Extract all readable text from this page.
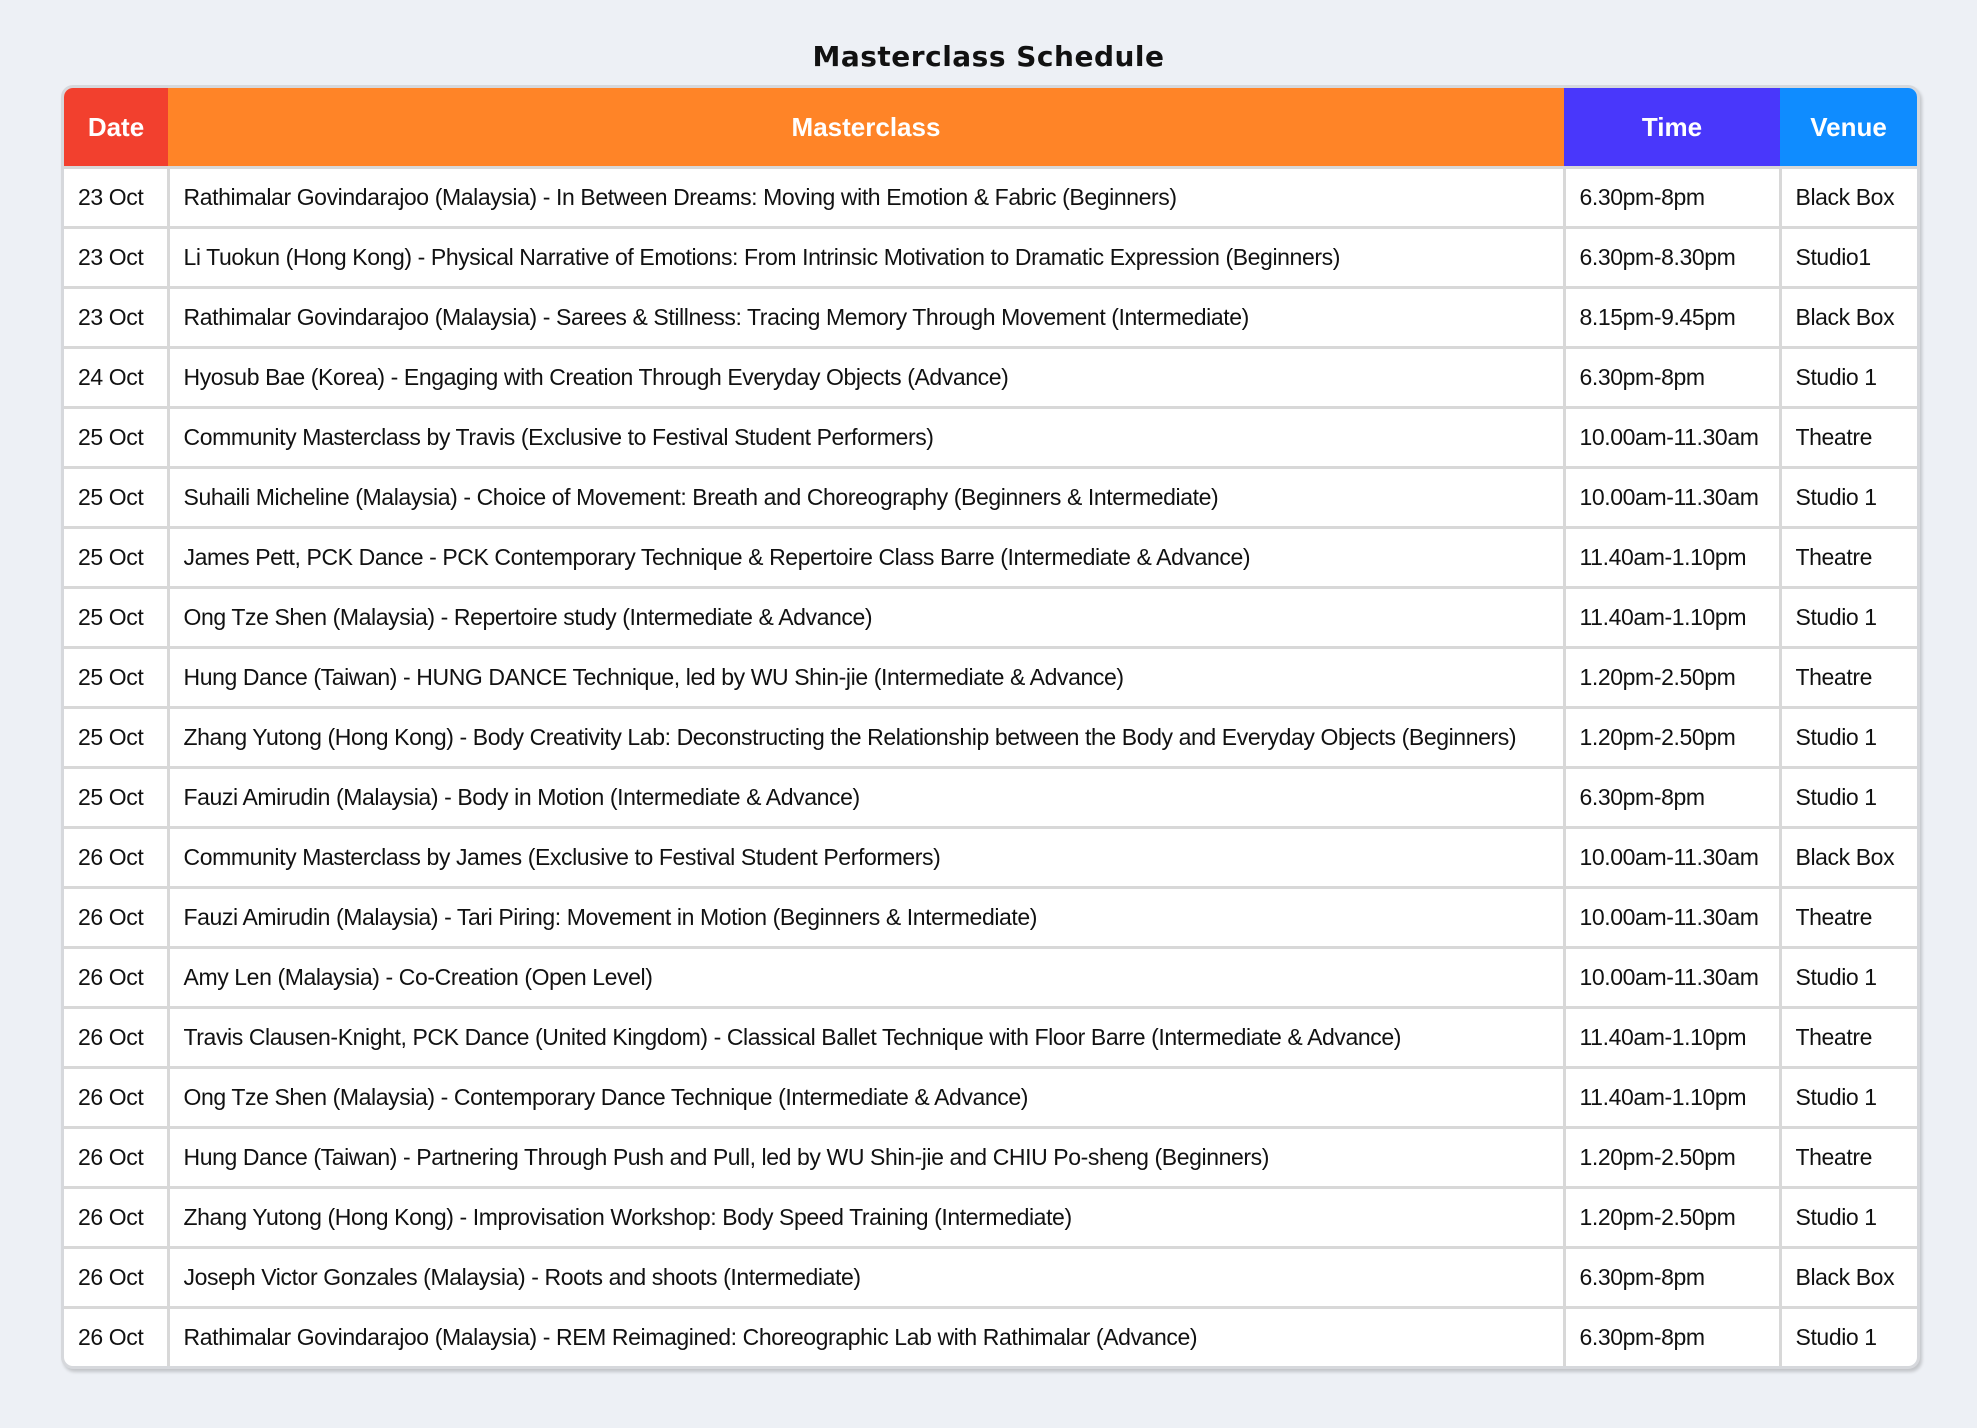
Masterclass Schedule
Date	Masterclass	Time	Venue
23 Oct	Rathimalar Govindarajoo (Malaysia) - In Between Dreams: Moving with Emotion & Fabric (Beginners)	6.30pm-8pm	Black Box
23 Oct	Li Tuokun (Hong Kong) - Physical Narrative of Emotions: From Intrinsic Motivation to Dramatic Expression (Beginners)	6.30pm-8.30pm	Studio1
23 Oct	Rathimalar Govindarajoo (Malaysia) - Sarees & Stillness: Tracing Memory Through Movement (Intermediate)	8.15pm-9.45pm	Black Box
24 Oct	Hyosub Bae (Korea) - Engaging with Creation Through Everyday Objects (Advance)	6.30pm-8pm	Studio 1
25 Oct	Community Masterclass by Travis (Exclusive to Festival Student Performers)	10.00am-11.30am	Theatre
25 Oct	Suhaili Micheline (Malaysia) - Choice of Movement: Breath and Choreography (Beginners & Intermediate)	10.00am-11.30am	Studio 1
25 Oct	James Pett, PCK Dance - PCK Contemporary Technique & Repertoire Class Barre (Intermediate & Advance)	11.40am-1.10pm	Theatre
25 Oct	Ong Tze Shen (Malaysia) - Repertoire study (Intermediate & Advance)	11.40am-1.10pm	Studio 1
25 Oct	Hung Dance (Taiwan) - HUNG DANCE Technique, led by WU Shin-jie (Intermediate & Advance)	1.20pm-2.50pm	Theatre
25 Oct	Zhang Yutong (Hong Kong) - Body Creativity Lab: Deconstructing the Relationship between the Body and Everyday Objects (Beginners)	1.20pm-2.50pm	Studio 1
25 Oct	Fauzi Amirudin (Malaysia) - Body in Motion (Intermediate & Advance)	6.30pm-8pm	Studio 1
26 Oct	Community Masterclass by James (Exclusive to Festival Student Performers)	10.00am-11.30am	Black Box
26 Oct	Fauzi Amirudin (Malaysia) - Tari Piring: Movement in Motion (Beginners & Intermediate)	10.00am-11.30am	Theatre
26 Oct	Amy Len (Malaysia) - Co-Creation (Open Level)	10.00am-11.30am	Studio 1
26 Oct	Travis Clausen-Knight, PCK Dance (United Kingdom) - Classical Ballet Technique with Floor Barre (Intermediate & Advance)	11.40am-1.10pm	Theatre
26 Oct	Ong Tze Shen (Malaysia) - Contemporary Dance Technique (Intermediate & Advance)	11.40am-1.10pm	Studio 1
26 Oct	Hung Dance (Taiwan) - Partnering Through Push and Pull, led by WU Shin-jie and CHIU Po-sheng (Beginners)	1.20pm-2.50pm	Theatre
26 Oct	Zhang Yutong (Hong Kong) - Improvisation Workshop: Body Speed Training (Intermediate)	1.20pm-2.50pm	Studio 1
26 Oct	Joseph Victor Gonzales (Malaysia) - Roots and shoots (Intermediate)	6.30pm-8pm	Black Box
26 Oct	Rathimalar Govindarajoo (Malaysia) - REM Reimagined: Choreographic Lab with Rathimalar (Advance)	6.30pm-8pm	Studio 1
